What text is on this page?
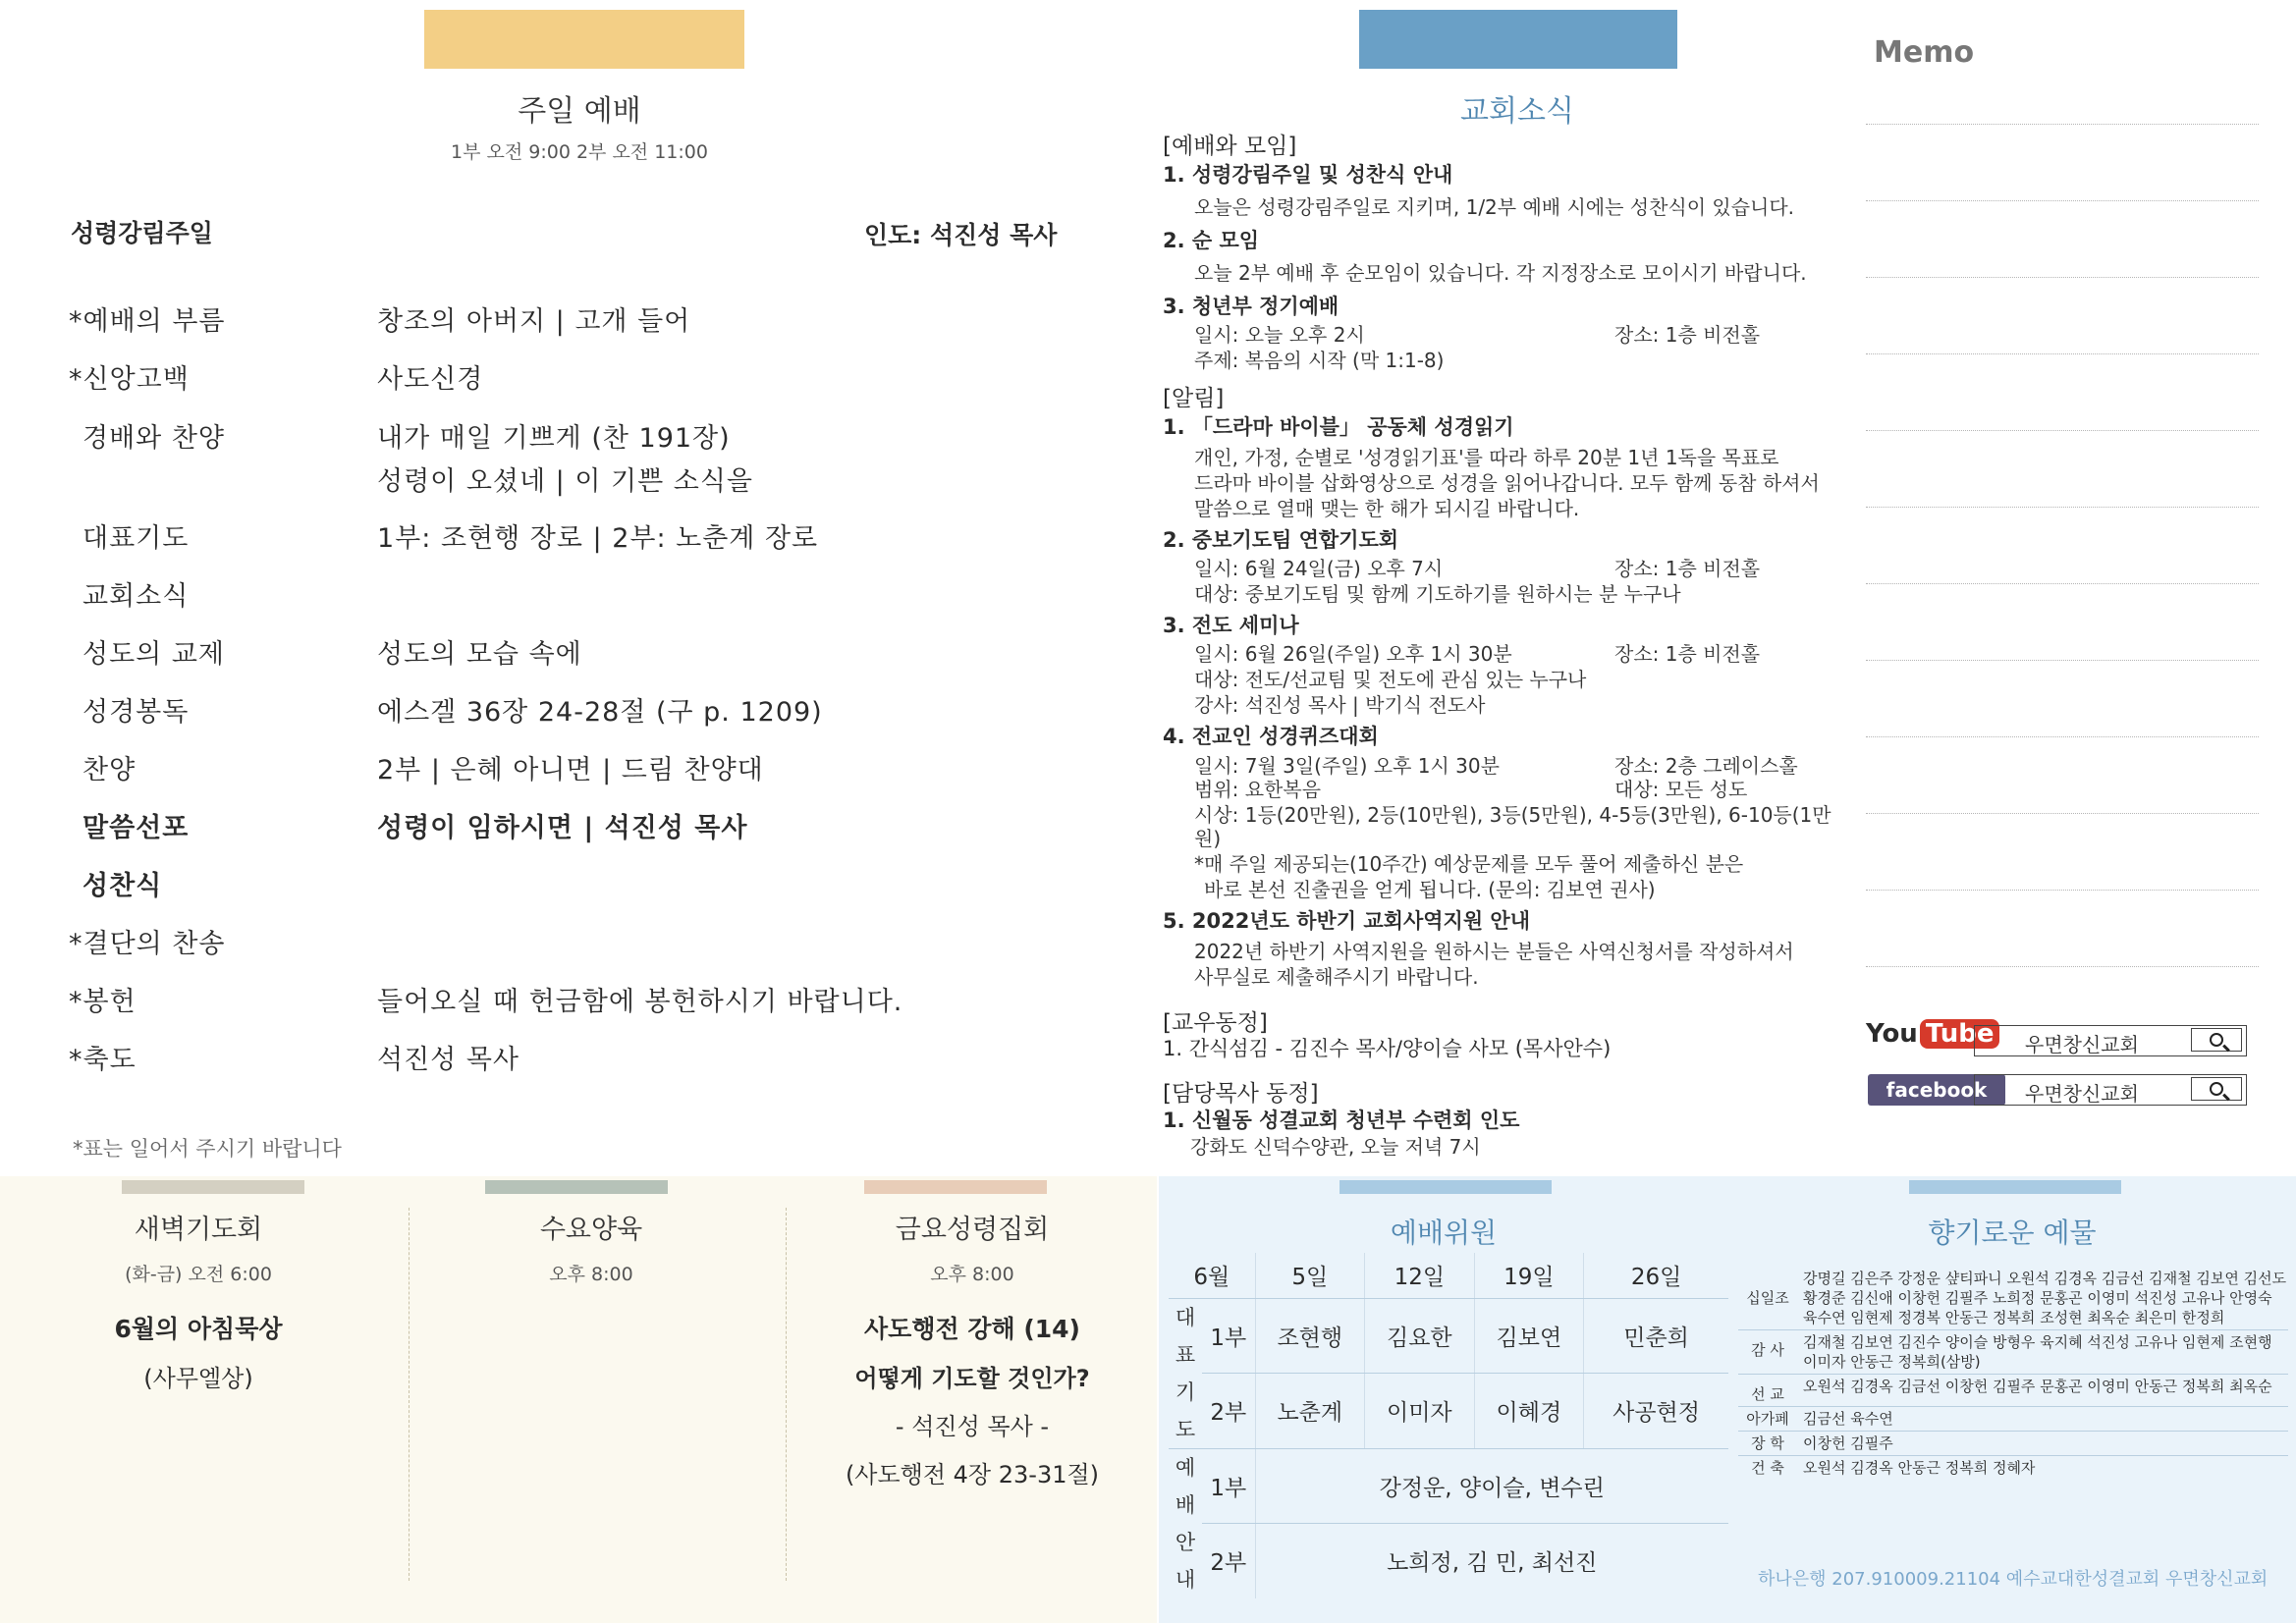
주일 예배
1부 오전 9:00 2부 오전 11:00
성령강림주일	인도: 석진성 목사
*예배의 부름	창조의 아버지 | 고개 들어
*신앙고백	사도신경
경배와 찬양	내가 매일 기쁘게 (찬 191장)
성령이 오셨네 | 이 기쁜 소식을
대표기도	1부: 조현행 장로 | 2부: 노춘계 장로
교회소식
성도의 교제	성도의 모습 속에
성경봉독	에스겔 36장 24-28절 (구 p. 1209)
찬양	2부 | 은혜 아니면 | 드림 찬양대
말씀선포	성령이 임하시면 | 석진성 목사
성찬식
*결단의 찬송
*봉헌	들어오실 때 헌금함에 봉헌하시기 바랍니다.
*축도	석진성 목사
*표는 일어서 주시기 바랍니다
새벽기도회
(화-금) 오전 6:00
6월의 아침묵상
(사무엘상)
수요양육
오후 8:00
금요성령집회
오후 8:00
사도행전 강해 (14)
어떻게 기도할 것인가?
- 석진성 목사 -
(사도행전 4장 23-31절)
교회소식
[예배와 모임]
1. 성령강림주일 및 성찬식 안내
오늘은 성령강림주일로 지키며, 1/2부 예배 시에는 성찬식이 있습니다.
2. 순 모임
오늘 2부 예배 후 순모임이 있습니다. 각 지정장소로 모이시기 바랍니다.
3. 청년부 정기예배
일시: 오늘 오후 2시	장소: 1층 비전홀
주제: 복음의 시작 (막 1:1-8)
[알림]
1. 「드라마 바이블」 공동체 성경읽기
개인, 가정, 순별로 '성경읽기표'를 따라 하루 20분 1년 1독을 목표로
드라마 바이블 삽화영상으로 성경을 읽어나갑니다. 모두 함께 동참 하셔서
말씀으로 열매 맺는 한 해가 되시길 바랍니다.
2. 중보기도팀 연합기도회
일시: 6월 24일(금) 오후 7시	장소: 1층 비전홀
대상: 중보기도팀 및 함께 기도하기를 원하시는 분 누구나
3. 전도 세미나
일시: 6월 26일(주일) 오후 1시 30분	장소: 1층 비전홀
대상: 전도/선교팀 및 전도에 관심 있는 누구나
강사: 석진성 목사 | 박기식 전도사
4. 전교인 성경퀴즈대회
일시: 7월 3일(주일) 오후 1시 30분	장소: 2층 그레이스홀
범위: 요한복음	대상: 모든 성도
시상: 1등(20만원), 2등(10만원), 3등(5만원), 4-5등(3만원), 6-10등(1만원)
*매 주일 제공되는(10주간) 예상문제를 모두 풀어 제출하신 분은
바로 본선 진출권을 얻게 됩니다. (문의: 김보연 권사)
5. 2022년도 하반기 교회사역지원 안내
2022년 하반기 사역지원을 원하시는 분들은 사역신청서를 작성하셔서
사무실로 제출해주시기 바랍니다.
[교우동정]
1. 간식섬김 - 김진수 목사/양이슬 사모 (목사안수)
[담당목사 동정]
1. 신월동 성결교회 청년부 수련회 인도
강화도 신덕수양관, 오늘 저녁 7시
예배위원
6월		5일	12일	19일	26일

대
표
기
도	1부	조현행	김요한	김보연	민춘희
	2부	노춘계	이미자	이혜경	사공현정

예
배
안
내	1부	강정운, 양이슬, 변수린			
	2부	노희정, 김 민, 최선진			
향기로운 예물
십일조
강명길 김은주 강정운 샾티파니 오원석 김경옥 김금선 김재철 김보연 김선도 황경준 김신애 이창헌 김필주 노희정 문홍곤 이영미 석진성 고유나 안영숙 육수연 임현제 정경복 안동근 정복희 조성현 최옥순 최은미 한정희
감 사	김재철 김보연 김진수 양이슬 방형우 육지혜 석진성 고유나 임현제 조현행 이미자 안동근 정복희(삼방)
선 교	오원석 김경옥 김금선 이창헌 김필주 문홍곤 이영미 안동근 정복희 최옥순
아가페 김금선 육수연
장 학	이창헌 김필주
건 축	오원석 김경옥 안동근 정복희 정혜자
하나은행 207.910009.21104 예수교대한성결교회 우면창신교회
Memo
You Tube	우면창신교회
facebook	우면창신교회
